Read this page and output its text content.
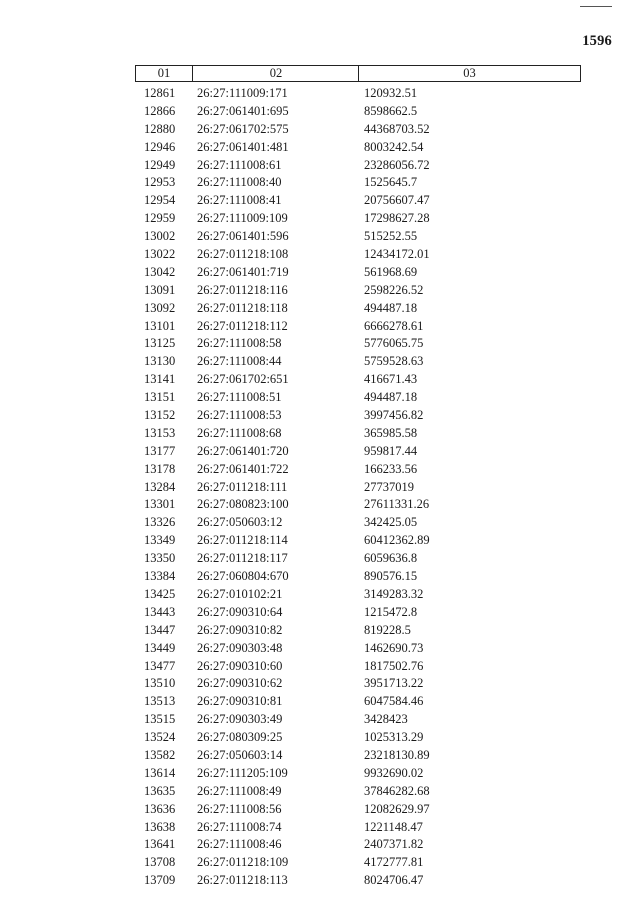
1596
01	02	03
12861 26:27:111009:171	120932.51
12866 26:27:061401:695	8598662.5
12880 26:27:061702:575	44368703.52
12946 26:27:061401:481	8003242.54
12949 26:27:111008:61	23286056.72
12953 26:27:111008:40	1525645.7
12954 26:27:111008:41	20756607.47
12959 26:27:111009:109	17298627.28
13002 26:27:061401:596	515252.55
13022 26:27:011218:108	12434172.01
13042 26:27:061401:719	561968.69
13091 26:27:011218:116	2598226.52
13092 26:27:011218:118	494487.18
13101 26:27:011218:112	6666278.61
13125 26:27:111008:58	5776065.75
13130 26:27:111008:44	5759528.63
13141 26:27:061702:651	416671.43
13151 26:27:111008:51	494487.18
13152 26:27:111008:53	3997456.82
13153 26:27:111008:68	365985.58
13177 26:27:061401:720	959817.44
13178 26:27:061401:722	166233.56
13284 26:27:011218:111	27737019
13301 26:27:080823:100	27611331.26
13326 26:27:050603:12	342425.05
13349 26:27:011218:114	60412362.89
13350 26:27:011218:117	6059636.8
13384 26:27:060804:670	890576.15
13425 26:27:010102:21	3149283.32
13443 26:27:090310:64	1215472.8
13447 26:27:090310:82	819228.5
13449 26:27:090303:48	1462690.73
13477 26:27:090310:60	1817502.76
13510 26:27:090310:62	3951713.22
13513 26:27:090310:81	6047584.46
13515 26:27:090303:49	3428423
13524 26:27:080309:25	1025313.29
13582 26:27:050603:14	23218130.89
13614 26:27:111205:109	9932690.02
13635 26:27:111008:49	37846282.68
13636 26:27:111008:56	12082629.97
13638 26:27:111008:74	1221148.47
13641 26:27:111008:46	2407371.82
13708 26:27:011218:109	4172777.81
13709 26:27:011218:113	8024706.47
